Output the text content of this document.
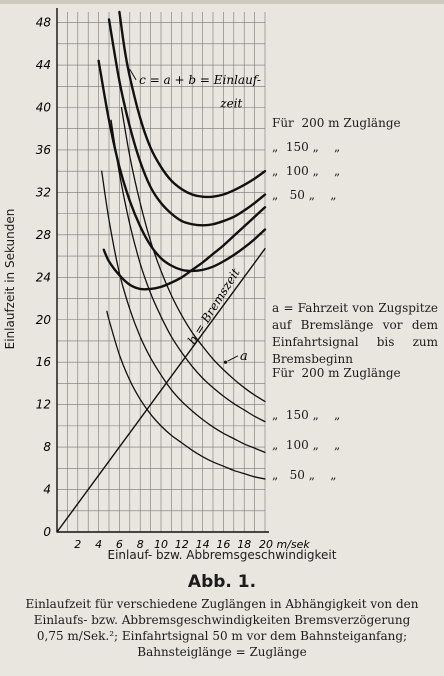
4
8
12
16
20
24
28
32
36
40
44
48
2 4 6 8 10 12 14 16 18 20 m/sek
0
c = a + b = Einlauf-
zeit
b = Bremszeit
a
Einlaufzeit in Sekunden
Einlauf- bzw. Abbremsgeschwindigkeit
Für 200 m Zuglänge
„ 150 „    „
„ 100 „    „
„   50 „    „
a = Fahrzeit von Zugspitze auf Bremslänge vor dem Einfahrtsignal bis zum Bremsbeginn
Für 200 m Zuglänge
„ 150 „    „
„ 100 „    „
„   50 „    „
Abb. 1.
Einlaufzeit für verschiedene Zuglängen in Abhängigkeit von den Einlaufs- bzw. Abbremsgeschwindigkeiten Bremsverzögerung 0,75 m/Sek.²; Einfahrtsignal 50 m vor dem Bahnsteiganfang; Bahnsteiglänge = Zuglänge
